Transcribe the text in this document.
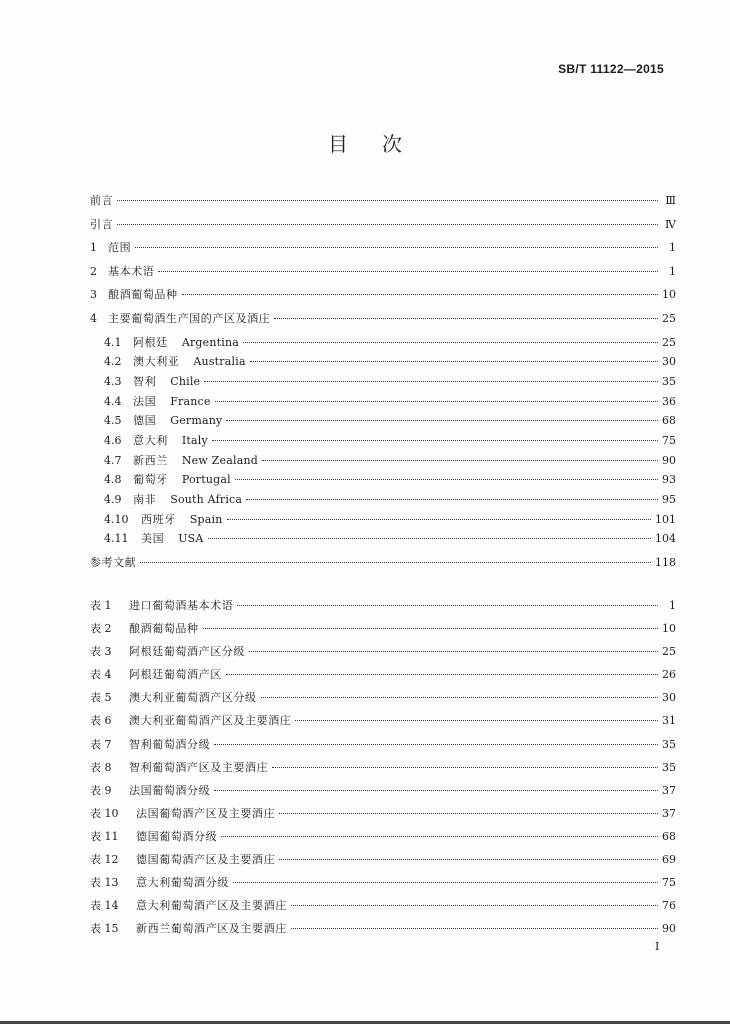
SB/T 11122—2015
目 次
前言	Ⅲ
引言	Ⅳ
1	范围	1
2	基本术语	1
3	酿酒葡萄品种	10
4	主要葡萄酒生产国的产区及酒庄	25
4.1	阿根廷 Argentina	25
4.2	澳大利亚 Australia	30
4.3	智利 Chile	35
4.4	法国 France	36
4.5	德国 Germany	68
4.6	意大利 Italy	75
4.7	新西兰 New Zealand	90
4.8	葡萄牙 Portugal	93
4.9	南非 South Africa	95
4.10	西班牙 Spain	101
4.11	美国 USA	104
参考文献	118
表 1	进口葡萄酒基本术语	1
表 2	酿酒葡萄品种	10
表 3	阿根廷葡萄酒产区分级	25
表 4	阿根廷葡萄酒产区	26
表 5	澳大利亚葡萄酒产区分级	30
表 6	澳大利亚葡萄酒产区及主要酒庄	31
表 7	智利葡萄酒分级	35
表 8	智利葡萄酒产区及主要酒庄	35
表 9	法国葡萄酒分级	37
表 10	法国葡萄酒产区及主要酒庄	37
表 11	德国葡萄酒分级	68
表 12	德国葡萄酒产区及主要酒庄	69
表 13	意大利葡萄酒分级	75
表 14	意大利葡萄酒产区及主要酒庄	76
表 15	新西兰葡萄酒产区及主要酒庄	90
Ⅰ
